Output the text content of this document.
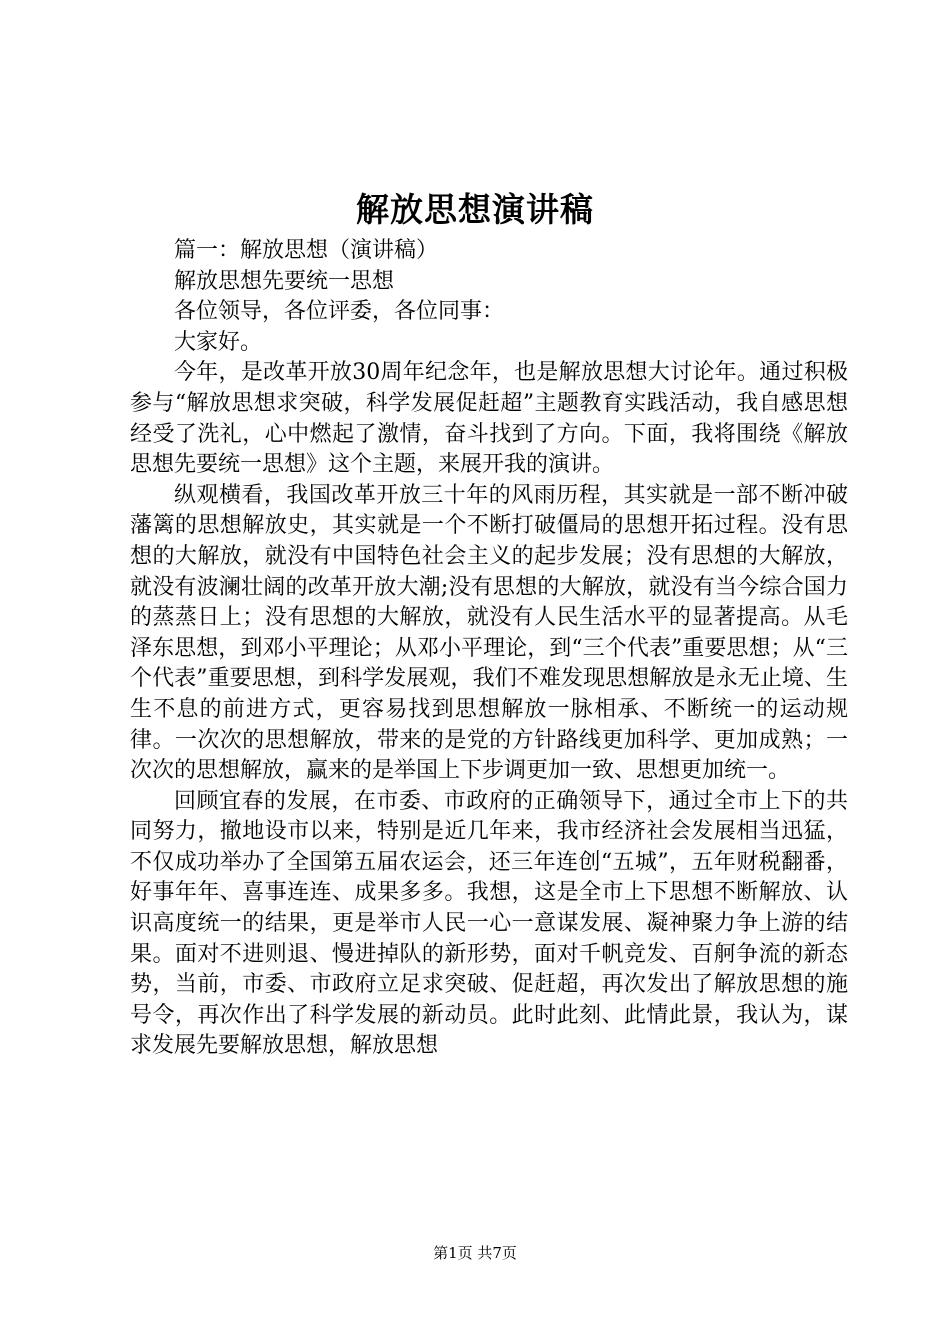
解放思想演讲稿

篇一：解放思想（演讲稿）

解放思想先要统一思想

各位领导，各位评委，各位同事：

大家好。

今年，是改革开放30周年纪念年，也是解放思想大讨论年。通过积极参与“解放思想求突破，科学发展促赶超”主题教育实践活动，我自感思想经受了洗礼，心中燃起了激情，奋斗找到了方向。下面，我将围绕《解放思想先要统一思想》这个主题，来展开我的演讲。

纵观横看，我国改革开放三十年的风雨历程，其实就是一部不断冲破藩篱的思想解放史，其实就是一个不断打破僵局的思想开拓过程。没有思想的大解放，就没有中国特色社会主义的起步发展；没有思想的大解放，就没有波澜壮阔的改革开放大潮;没有思想的大解放，就没有当今综合国力的蒸蒸日上；没有思想的大解放，就没有人民生活水平的显著提高。从毛泽东思想，到邓小平理论；从邓小平理论，到“三个代表”重要思想；从“三个代表”重要思想，到科学发展观，我们不难发现思想解放是永无止境、生生不息的前进方式，更容易找到思想解放一脉相承、不断统一的运动规律。一次次的思想解放，带来的是党的方针路线更加科学、更加成熟；一次次的思想解放，赢来的是举国上下步调更加一致、思想更加统一。

回顾宜春的发展，在市委、市政府的正确领导下，通过全市上下的共同努力，撤地设市以来，特别是近几年来，我市经济社会发展相当迅猛，不仅成功举办了全国第五届农运会，还三年连创“五城”，五年财税翻番，好事年年、喜事连连、成果多多。我想，这是全市上下思想不断解放、认识高度统一的结果，更是举市人民一心一意谋发展、凝神聚力争上游的结果。面对不进则退、慢进掉队的新形势，面对千帆竞发、百舸争流的新态势，当前，市委、市政府立足求突破、促赶超，再次发出了解放思想的施号令，再次作出了科学发展的新动员。此时此刻、此情此景，我认为，谋求发展先要解放思想，解放思想

第1页 共7页
